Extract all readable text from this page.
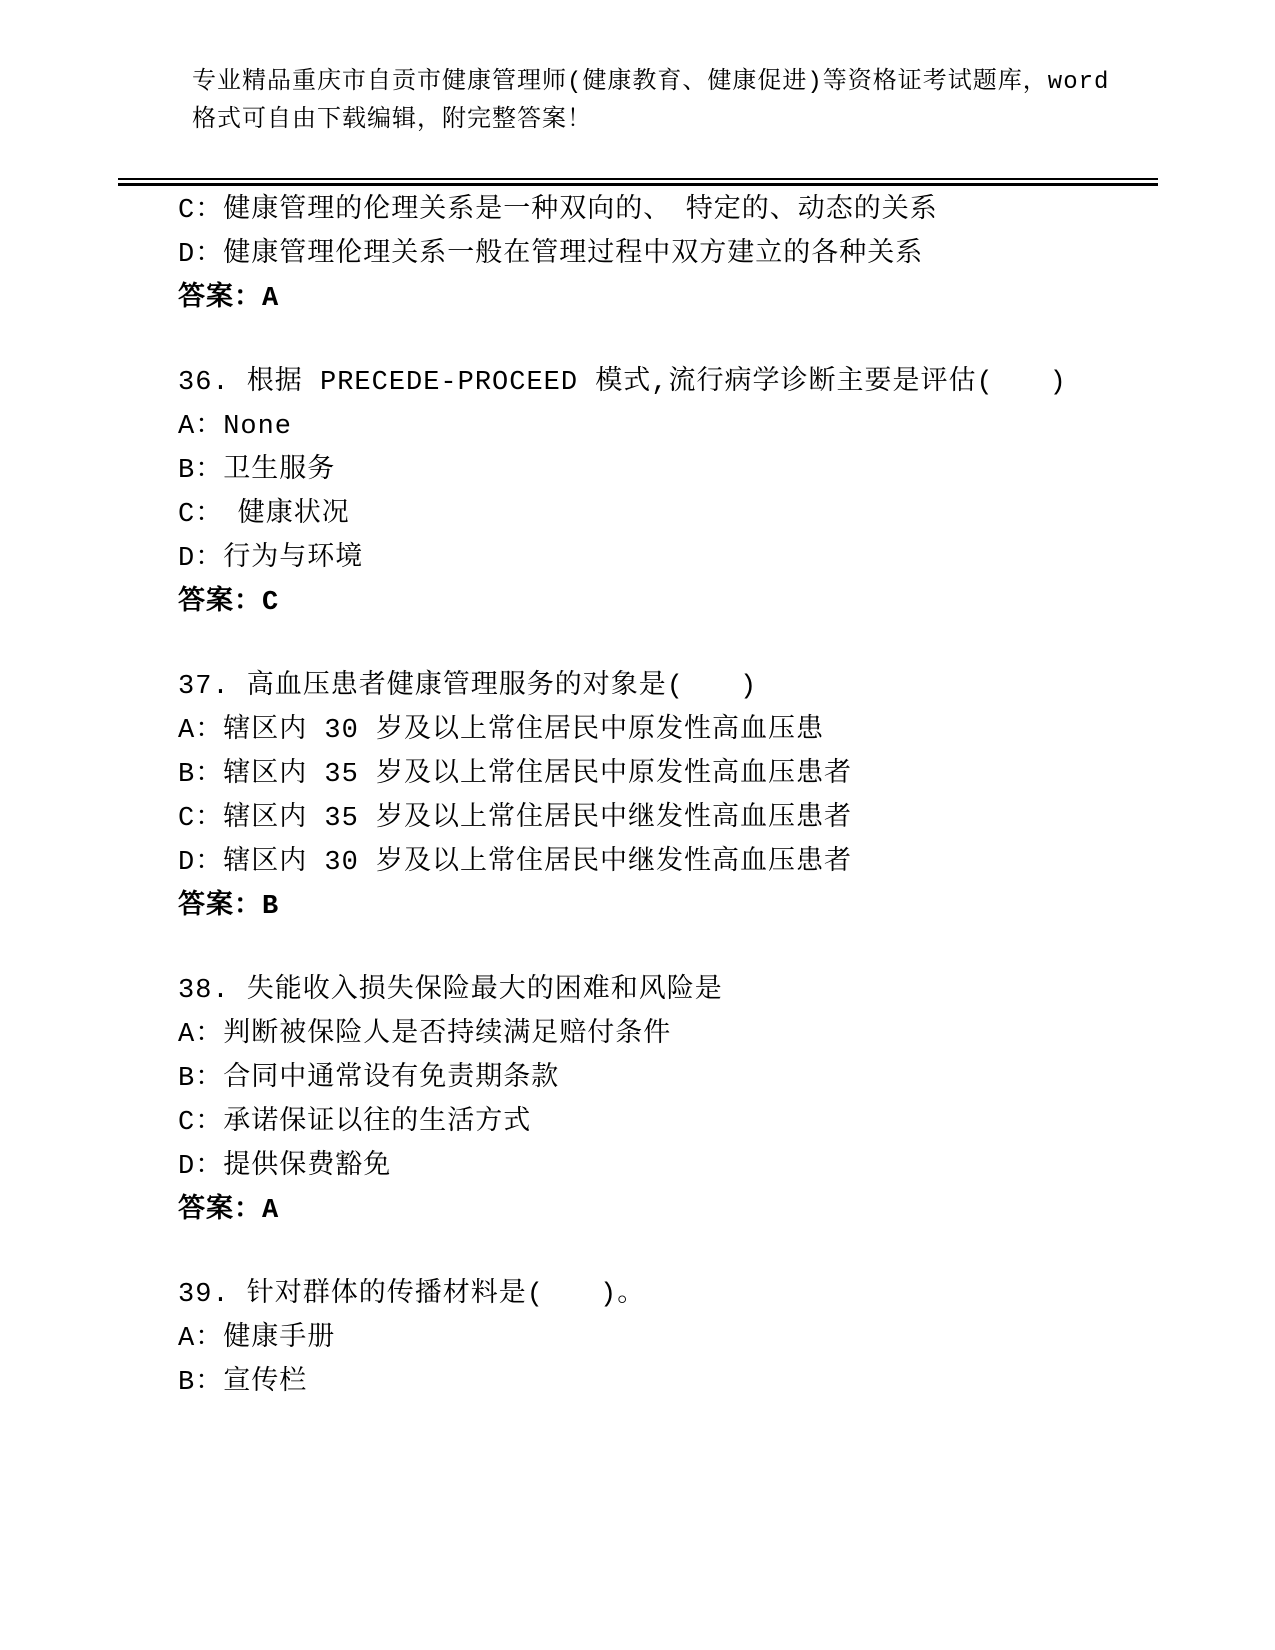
专业精品重庆市自贡市健康管理师(健康教育、健康促进)等资格证考试题库，word
格式可自由下载编辑，附完整答案！
C：健康管理的伦理关系是一种双向的、　特定的、动态的关系
D：健康管理伦理关系一般在管理过程中双方建立的各种关系
答案：A
36. 根据 PRECEDE-PROCEED 模式,流行病学诊断主要是评估(　　)
A：None
B：卫生服务
C：　健康状况
D：行为与环境
答案：C
37. 高血压患者健康管理服务的对象是(　　)
A：辖区内 30 岁及以上常住居民中原发性高血压患
B：辖区内 35 岁及以上常住居民中原发性高血压患者
C：辖区内 35 岁及以上常住居民中继发性高血压患者
D：辖区内 30 岁及以上常住居民中继发性高血压患者
答案：B
38. 失能收入损失保险最大的困难和风险是
A：判断被保险人是否持续满足赔付条件
B：合同中通常设有免责期条款
C：承诺保证以往的生活方式
D：提供保费豁免
答案：A
39. 针对群体的传播材料是(　　)。
A：健康手册
B：宣传栏
